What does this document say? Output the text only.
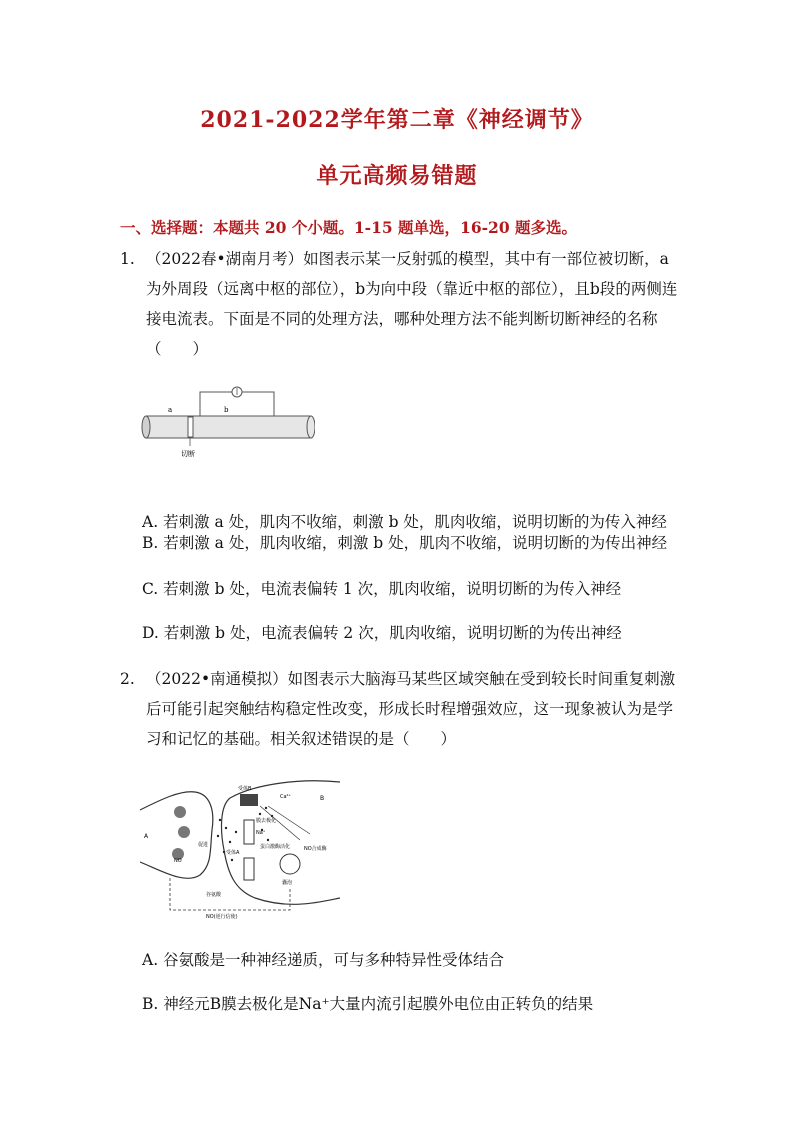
2021-2022学年第二章《神经调节》
单元高频易错题
一、选择题：本题共 20 个小题。1-15 题单选，16-20 题多选。
1. （2022春•湖南月考）如图表示某一反射弧的模型，其中有一部位被切断，a为外周段（远离中枢的部位），b为向中段（靠近中枢的部位），且b段的两侧连接电流表。下面是不同的处理方法，哪种处理方法不能判断切断神经的名称（　　）
a	b
切断
A. 若刺激 a 处，肌肉不收缩，刺激 b 处，肌肉收缩，说明切断的为传入神经
B. 若刺激 a 处，肌肉收缩，刺激 b 处，肌肉不收缩，说明切断的为传出神经
C. 若刺激 b 处，电流表偏转 1 次，肌肉收缩，说明切断的为传入神经
D. 若刺激 b 处，电流表偏转 2 次，肌肉收缩，说明切断的为传出神经
2. （2022•南通模拟）如图表示大脑海马某些区域突触在受到较长时间重复刺激后可能引起突触结构稳定性改变，形成长时程增强效应，这一现象被认为是学习和记忆的基础。相关叙述错误的是（　　）
A
B
受体B
Ca²⁺
膜去极化
Na⁺
受体A
促进
NO
蛋白激酶活化	NO合成酶
囊泡
谷氨酸
NO(逆行信使)
A. 谷氨酸是一种神经递质，可与多种特异性受体结合
B. 神经元B膜去极化是Na⁺大量内流引起膜外电位由正转负的结果
